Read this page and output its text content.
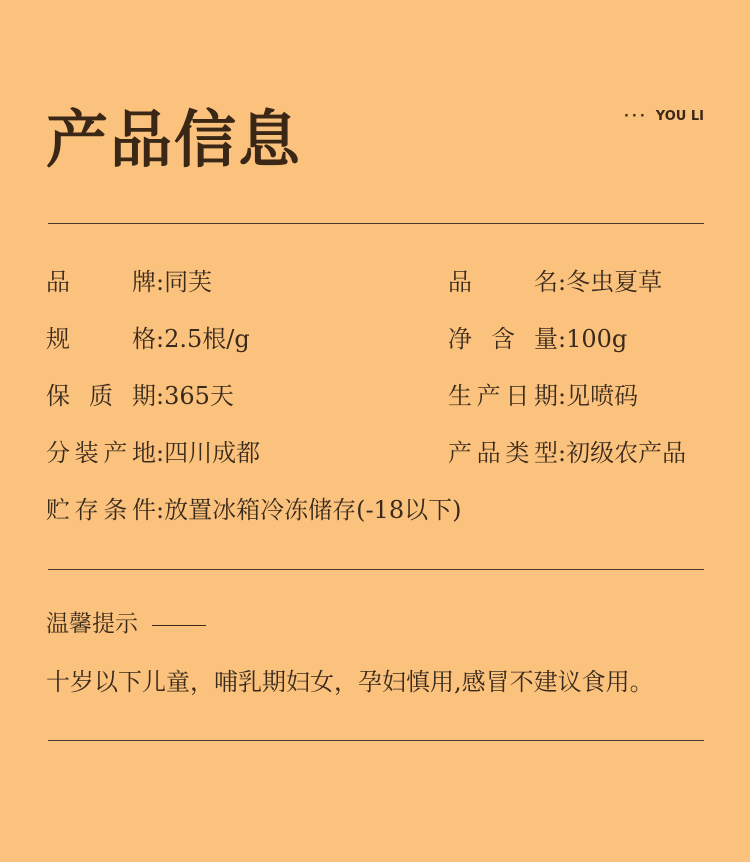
产品信息	··· YOU LI
品牌:同芙
规格:2.5根/g
保质期:365天
分装产地:四川成都
贮存条件:放置冰箱冷冻储存(-18以下)
品名:冬虫夏草
净含量:100g
生产日期:见喷码
产品类型:初级农产品
温馨提示
十岁以下儿童，哺乳期妇女，孕妇慎用,感冒不建议食用。
